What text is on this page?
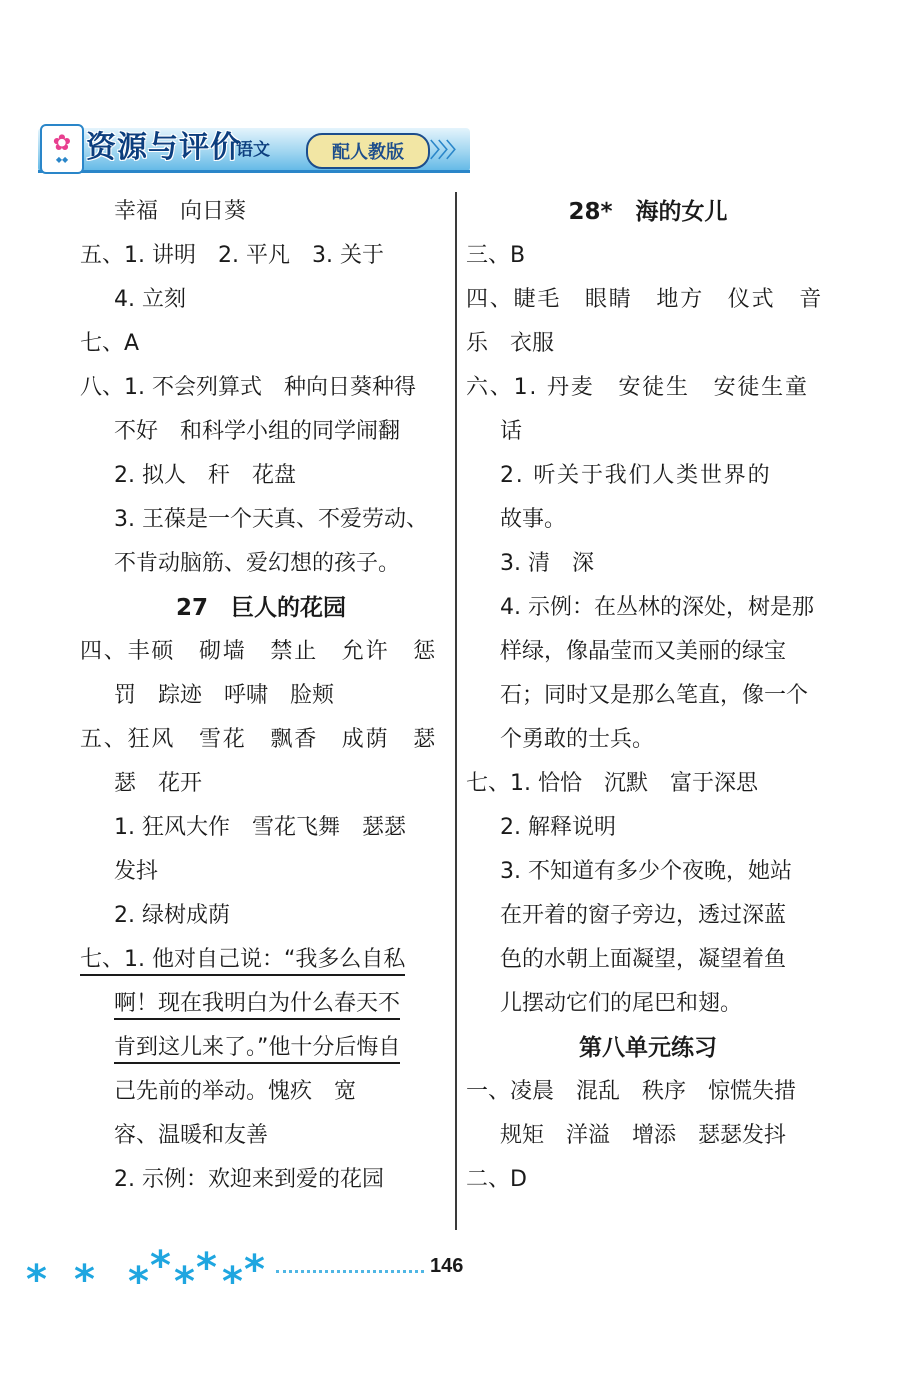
✿
◆◆ 资源与评价
语文	配人教版	〉〉〉
幸福　向日葵
五、1. 讲明　2. 平凡　3. 关于
4. 立刻
七、A
八、1. 不会列算式　种向日葵种得
不好　和科学小组的同学闹翻
2. 拟人　秆　花盘
3. 王葆是一个天真、不爱劳动、
不肯动脑筋、爱幻想的孩子。
27　巨人的花园
四、丰硕　砌墙　禁止　允许　惩
罚　踪迹　呼啸　脸颊
五、狂风　雪花　飘香　成荫　瑟
瑟　花开
1. 狂风大作　雪花飞舞　瑟瑟
发抖
2. 绿树成荫
七、1. 他对自己说：“我多么自私
啊！现在我明白为什么春天不
肯到这儿来了。”他十分后悔自
己先前的举动。愧疚　宽
容、温暖和友善
2. 示例：欢迎来到爱的花园
28*　海的女儿
三、B
四、睫毛　眼睛　地方　仪式　音
乐　衣服
六、1. 丹麦　安徒生　安徒生童
话
2. 听关于我们人类世界的
故事。
3. 清　深
4. 示例：在丛林的深处，树是那
样绿，像晶莹而又美丽的绿宝
石；同时又是那么笔直，像一个
个勇敢的士兵。
七、1. 恰恰　沉默　富于深思
2. 解释说明
3. 不知道有多少个夜晚，她站
在开着的窗子旁边，透过深蓝
色的水朝上面凝望，凝望着鱼
儿摆动它们的尾巴和翅。
第八单元练习
一、凌晨　混乱　秩序　惊慌失措
规矩　洋溢　增添　瑟瑟发抖
二、D
* * * * * * * *	146
